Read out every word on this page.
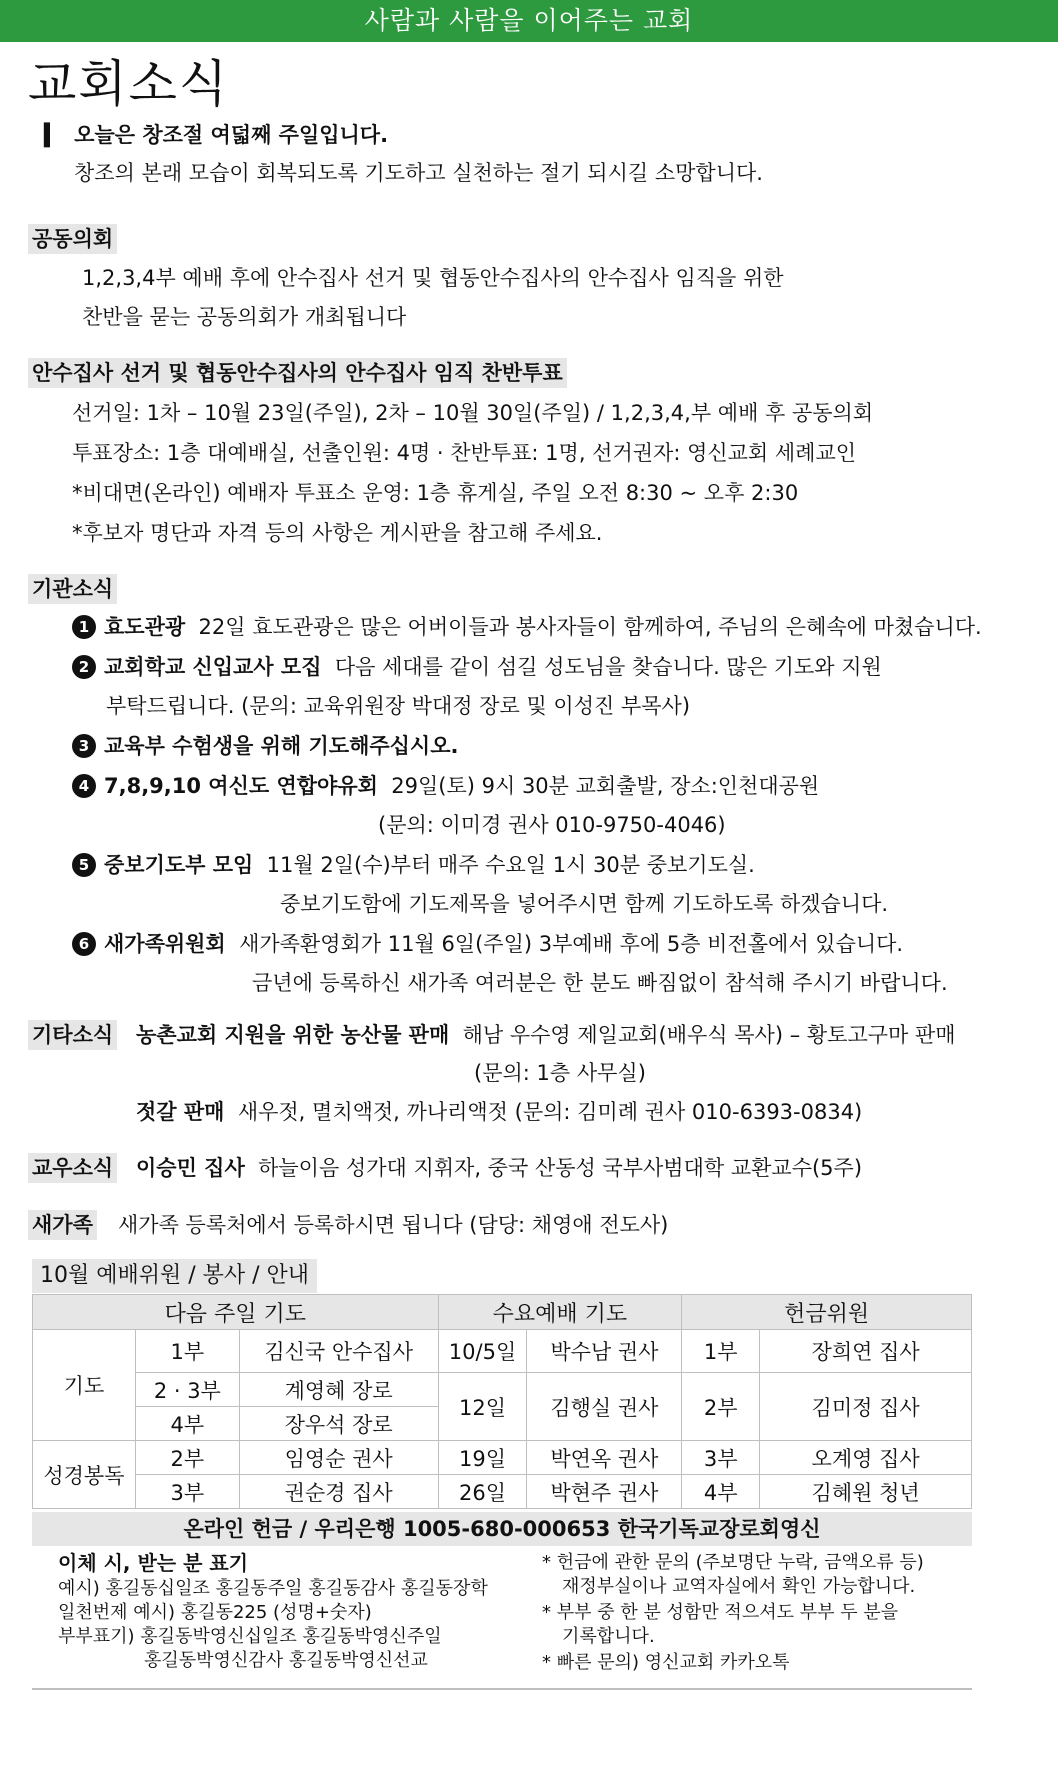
사람과 사람을 이어주는 교회
교회소식
▍ 오늘은 창조절 여덟째 주일입니다.
창조의 본래 모습이 회복되도록 기도하고 실천하는 절기 되시길 소망합니다.
공동의회
1,2,3,4부 예배 후에 안수집사 선거 및 협동안수집사의 안수집사 임직을 위한
찬반을 묻는 공동의회가 개최됩니다
안수집사 선거 및 협동안수집사의 안수집사 임직 찬반투표
선거일: 1차 – 10월 23일(주일), 2차 – 10월 30일(주일) / 1,2,3,4,부 예배 후 공동의회
투표장소: 1층 대예배실, 선출인원: 4명 · 찬반투표: 1명, 선거권자: 영신교회 세례교인
*비대면(온라인) 예배자 투표소 운영: 1층 휴게실, 주일 오전 8:30 ~ 오후 2:30
*후보자 명단과 자격 등의 사항은 게시판을 참고해 주세요.
기관소식
1 효도관광 22일 효도관광은 많은 어버이들과 봉사자들이 함께하여, 주님의 은혜속에 마쳤습니다.
2 교회학교 신입교사 모집 다음 세대를 같이 섬길 성도님을 찾습니다. 많은 기도와 지원
부탁드립니다. (문의: 교육위원장 박대정 장로 및 이성진 부목사)
3 교육부 수험생을 위해 기도해주십시오.
4 7,8,9,10 여신도 연합야유회 29일(토) 9시 30분 교회출발, 장소:인천대공원
(문의: 이미경 권사 010-9750-4046)
5 중보기도부 모임 11월 2일(수)부터 매주 수요일 1시 30분 중보기도실.
중보기도함에 기도제목을 넣어주시면 함께 기도하도록 하겠습니다.
6 새가족위원회 새가족환영회가 11월 6일(주일) 3부예배 후에 5층 비전홀에서 있습니다.
금년에 등록하신 새가족 여러분은 한 분도 빠짐없이 참석해 주시기 바랍니다.
기타소식 농촌교회 지원을 위한 농산물 판매 해남 우수영 제일교회(배우식 목사) – 황토고구마 판매
(문의: 1층 사무실)
젓갈 판매 새우젓, 멸치액젓, 까나리액젓 (문의: 김미례 권사 010-6393-0834)
교우소식 이승민 집사 하늘이음 성가대 지휘자, 중국 산동성 국부사범대학 교환교수(5주)
새가족 새가족 등록처에서 등록하시면 됩니다 (담당: 채영애 전도사)
10월 예배위원 / 봉사 / 안내
다음 주일 기도			수요예배 기도		헌금위원	
기도	1부	김신국 안수집사	10/5일	박수남 권사	1부	장희연 집사
	2 · 3부	계영혜 장로	12일	김행실 권사	2부	김미정 집사
	4부	장우석 장로				
성경봉독	2부	임영순 권사	19일	박연옥 권사	3부	오계영 집사
	3부	권순경 집사	26일	박현주 권사	4부	김혜원 청년
온라인 헌금 / 우리은행 1005-680-000653 한국기독교장로회영신
이체 시, 받는 분 표기
예시) 홍길동십일조 홍길동주일 홍길동감사 홍길동장학
일천번제 예시) 홍길동225 (성명+숫자)
부부표기) 홍길동박영신십일조 홍길동박영신주일
홍길동박영신감사 홍길동박영신선교
* 헌금에 관한 문의 (주보명단 누락, 금액오류 등)
재정부실이나 교역자실에서 확인 가능합니다.
* 부부 중 한 분 성함만 적으셔도 부부 두 분을
기록합니다.
* 빠른 문의) 영신교회 카카오톡
